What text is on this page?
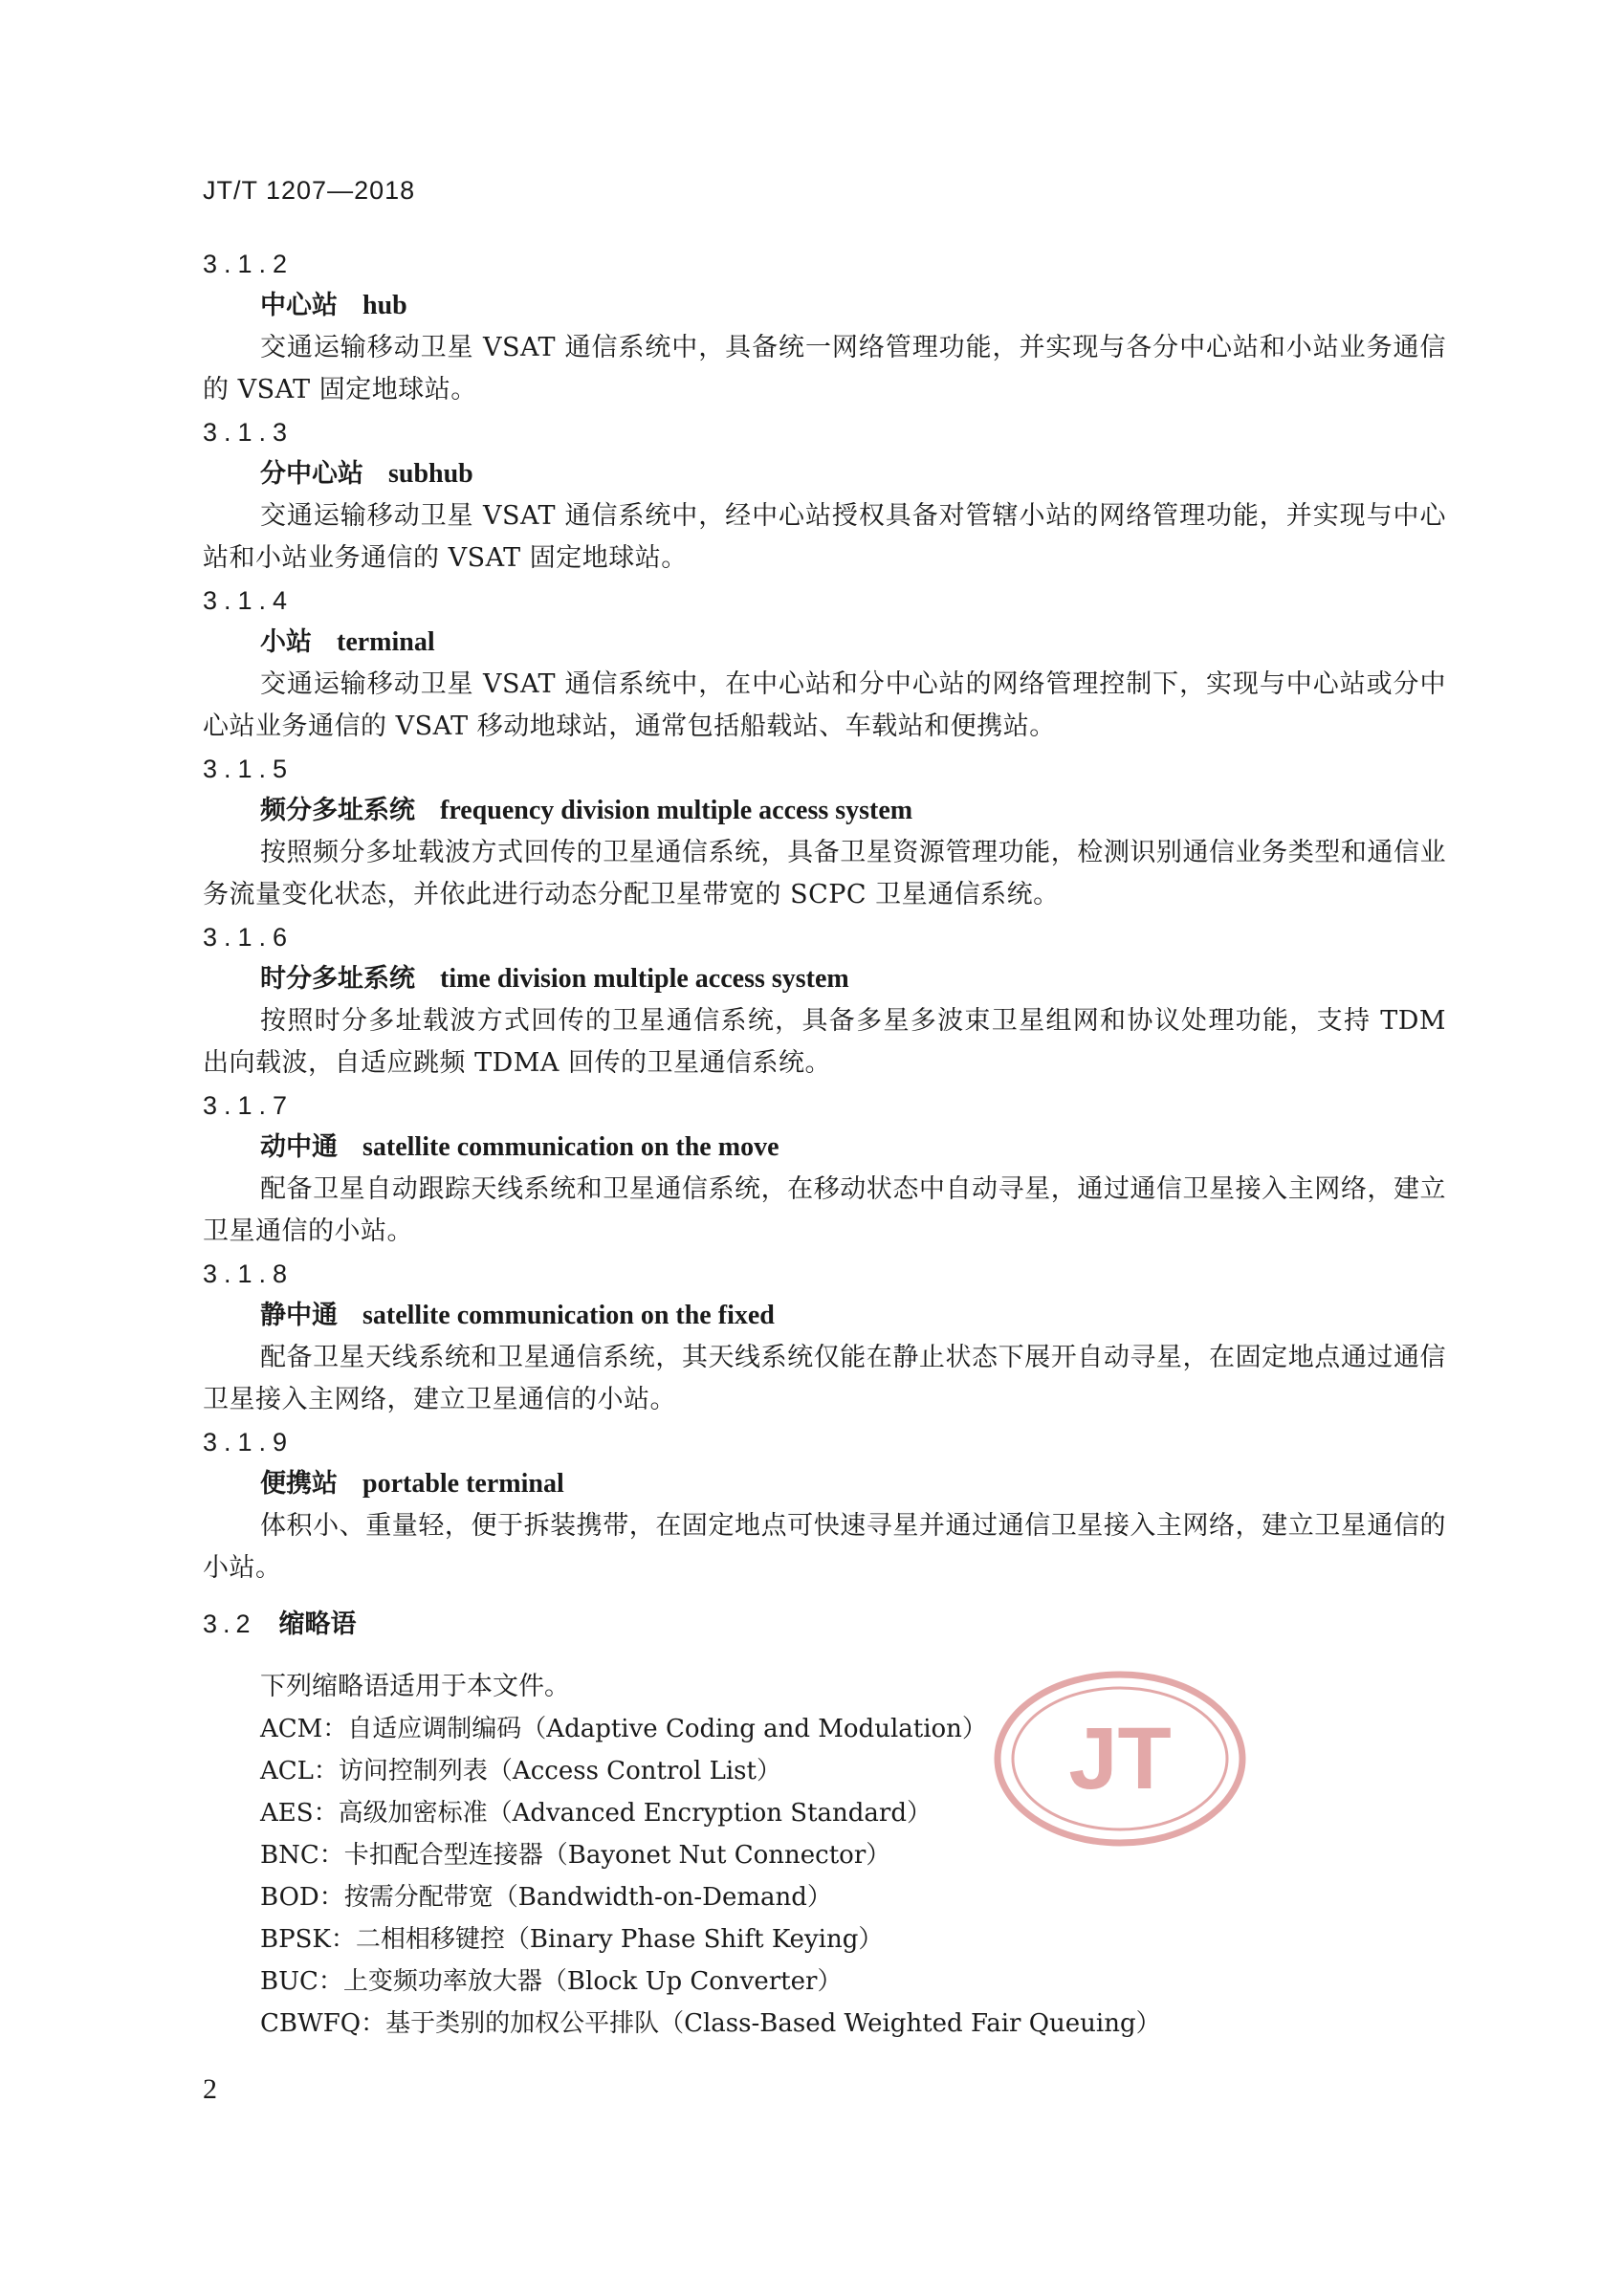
JT/T 1207—2018
3.1.2
中心站 hub
交通运输移动卫星 VSAT 通信系统中，具备统一网络管理功能，并实现与各分中心站和小站业务通信的 VSAT 固定地球站。
3.1.3
分中心站 subhub
交通运输移动卫星 VSAT 通信系统中，经中心站授权具备对管辖小站的网络管理功能，并实现与中心站和小站业务通信的 VSAT 固定地球站。
3.1.4
小站 terminal
交通运输移动卫星 VSAT 通信系统中，在中心站和分中心站的网络管理控制下，实现与中心站或分中心站业务通信的 VSAT 移动地球站，通常包括船载站、车载站和便携站。
3.1.5
频分多址系统 frequency division multiple access system
按照频分多址载波方式回传的卫星通信系统，具备卫星资源管理功能，检测识别通信业务类型和通信业务流量变化状态，并依此进行动态分配卫星带宽的 SCPC 卫星通信系统。
3.1.6
时分多址系统 time division multiple access system
按照时分多址载波方式回传的卫星通信系统，具备多星多波束卫星组网和协议处理功能，支持 TDM 出向载波，自适应跳频 TDMA 回传的卫星通信系统。
3.1.7
动中通 satellite communication on the move
配备卫星自动跟踪天线系统和卫星通信系统，在移动状态中自动寻星，通过通信卫星接入主网络，建立卫星通信的小站。
3.1.8
静中通 satellite communication on the fixed
配备卫星天线系统和卫星通信系统，其天线系统仅能在静止状态下展开自动寻星，在固定地点通过通信卫星接入主网络，建立卫星通信的小站。
3.1.9
便携站 portable terminal
体积小、重量轻，便于拆装携带，在固定地点可快速寻星并通过通信卫星接入主网络，建立卫星通信的小站。
3.2 缩略语
下列缩略语适用于本文件。
ACM：自适应调制编码（Adaptive Coding and Modulation）
ACL：访问控制列表（Access Control List）
AES：高级加密标准（Advanced Encryption Standard）
BNC：卡扣配合型连接器（Bayonet Nut Connector）
BOD：按需分配带宽（Bandwidth-on-Demand）
BPSK：二相相移键控（Binary Phase Shift Keying）
BUC：上变频功率放大器（Block Up Converter）
CBWFQ：基于类别的加权公平排队（Class-Based Weighted Fair Queuing）
JT
2
